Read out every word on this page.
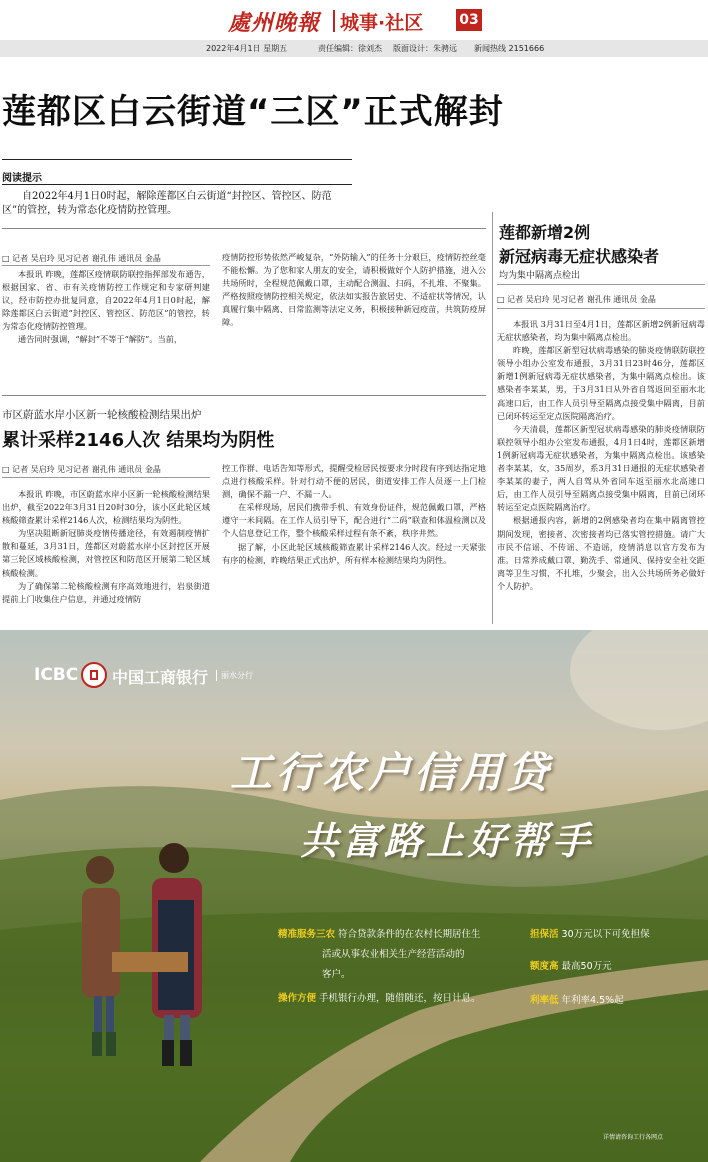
處州晚報 城事·社区	03
2022年4月1日 星期五	责任编辑：徐刘杰 版面设计：朱骋远 新闻热线 2151666
莲都区白云街道“三区”正式解封
阅读提示
自2022年4月1日0时起，解除莲都区白云街道“封控区、管控区、防范区”的管控，转为常态化疫情防控管理。
□ 记者 吴启玲 见习记者 谢孔伟 通讯员 金晶

本报讯 昨晚，莲都区疫情联防联控指挥部发布通告，根据国家、省、市有关疫情防控工作规定和专家研判建议，经市防控办批复同意，自2022年4月1日0时起，解除莲都区白云街道“封控区、管控区、防范区”的管控，转为常态化疫情防控管理。

通告同时强调，“解封”不等于“解防”。当前，

疫情防控形势依然严峻复杂，“外防输入”的任务十分艰巨，疫情防控丝毫不能松懈。为了您和家人朋友的安全，请积极做好个人防护措施，进入公共场所时，全程规范佩戴口罩，主动配合测温、扫码，不扎堆、不聚集。严格按照疫情防控相关规定，依法如实报告旅居史、不适症状等情况，认真履行集中隔离、日常监测等法定义务，积极接种新冠疫苗，共筑防疫屏障。

市区蔚蓝水岸小区新一轮核酸检测结果出炉
累计采样2146人次 结果均为阴性
□ 记者 吴启玲 见习记者 谢孔伟 通讯员 金晶

本报讯 昨晚，市区蔚蓝水岸小区新一轮核酸检测结果出炉，截至2022年3月31日20时30分，该小区此轮区域核酸筛查累计采样2146人次，检测结果均为阴性。

为坚决阻断新冠肺炎疫情传播途径，有效遏制疫情扩散和蔓延，3月31日，莲都区对蔚蓝水岸小区封控区开展第三轮区域核酸检测，对管控区和防范区开展第二轮区域核酸检测。

为了确保第二轮核酸检测有序高效地进行，岩泉街道提前上门收集住户信息，并通过疫情防

控工作群、电话告知等形式，提醒受检居民按要求分时段有序到达指定地点进行核酸采样。针对行动不便的居民，街道安排工作人员逐一上门检测，确保不漏一户、不漏一人。

在采样现场，居民们携带手机、有效身份证件，规范佩戴口罩，严格遵守一米间隔。在工作人员引导下，配合进行“二码”联查和体温检测以及个人信息登记工作，整个核酸采样过程有条不紊，秩序井然。

据了解，小区此轮区域核酸筛查累计采样2146人次。经过一天紧张有序的检测，昨晚结果正式出炉，所有样本检测结果均为阴性。

莲都新增2例
新冠病毒无症状感染者
均为集中隔离点检出
□ 记者 吴启玲 见习记者 谢孔伟 通讯员 金晶

本报讯 3月31日至4月1日，莲都区新增2例新冠病毒无症状感染者，均为集中隔离点检出。

昨晚，莲都区新型冠状病毒感染的肺炎疫情联防联控领导小组办公室发布通报，3月31日23时46分，莲都区新增1例新冠病毒无症状感染者，为集中隔离点检出。该感染者李某某，男，于3月31日从外省自驾返回至丽水北高速口后，由工作人员引导至隔离点接受集中隔离，目前已闭环转运至定点医院隔离治疗。

今天清晨，莲都区新型冠状病毒感染的肺炎疫情联防联控领导小组办公室发布通报，4月1日4时，莲都区新增1例新冠病毒无症状感染者，为集中隔离点检出。该感染者李某某，女，35周岁，系3月31日通报的无症状感染者李某某的妻子，两人自驾从外省同车返至丽水北高速口后，由工作人员引导至隔离点接受集中隔离，目前已闭环转运至定点医院隔离治疗。

根据通报内容，新增的2例感染者均在集中隔离管控期间发现，密接者、次密接者均已落实管控措施。请广大市民不信谣、不传谣、不造谣，疫情消息以官方发布为准。日常养成戴口罩、勤洗手、常通风、保持安全社交距离等卫生习惯，不扎堆，少聚会，出入公共场所务必做好个人防护。

ICBC 中国工商银行	丽水分行
工行农户信用贷
共富路上好帮手
精准服务三农 符合贷款条件的在农村长期居住生
活或从事农业相关生产经营活动的
客户。
操作方便 手机银行办理，随借随还，按日计息。
担保活 30万元以下可免担保
额度高 最高50万元
利率低 年利率4.5%起
详情请咨询工行各网点
